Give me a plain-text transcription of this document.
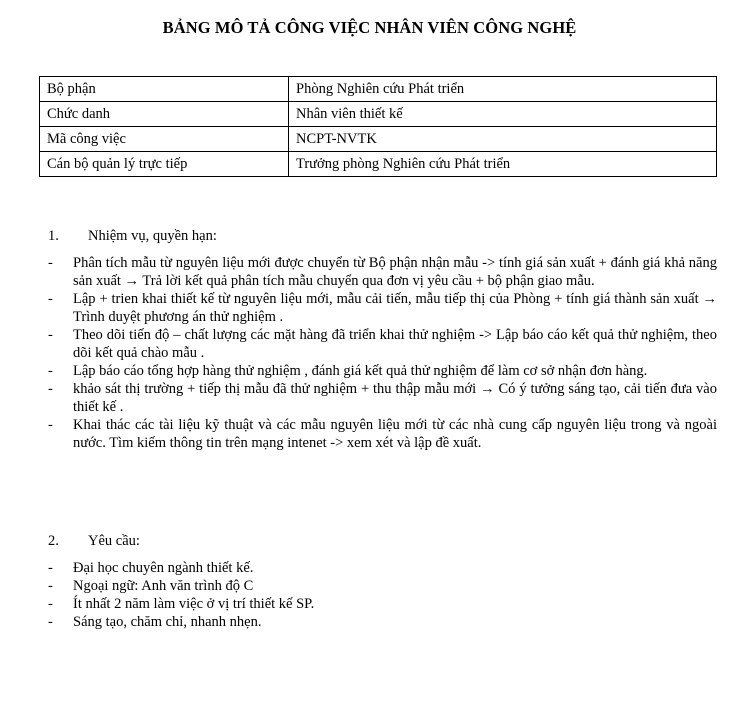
BẢNG MÔ TẢ CÔNG VIỆC NHÂN VIÊN CÔNG NGHỆ
Bộ phận	Phòng Nghiên cứu Phát triển
Chức danh	Nhân viên thiết kế
Mã công việc	NCPT-NVTK
Cán bộ quản lý trực tiếp	Trưởng phòng Nghiên cứu Phát triển
1. Nhiệm vụ, quyền hạn:
- Phân tích mẫu từ nguyên liệu mới được chuyển từ Bộ phận nhận mẫu -> tính giá sản xuất + đánh giá khả năng sản xuất → Trả lời kết quả phân tích mẫu chuyển qua đơn vị yêu cầu + bộ phận giao mẫu.
- Lập + trien khai thiết kế từ nguyên liệu mới, mẫu cải tiến, mẫu tiếp thị của Phòng + tính giá thành sản xuất → Trình duyệt phương án thử nghiệm .
- Theo dõi tiến độ – chất lượng các mặt hàng đã triển khai thử nghiệm -> Lập báo cáo kết quả thử nghiệm, theo dõi kết quả chào mẫu .
- Lập báo cáo tổng hợp hàng thử nghiệm , đánh giá kết quả thử nghiệm để làm cơ sở nhận đơn hàng.
- khảo sát thị trường + tiếp thị mẫu đã thử nghiệm + thu thập mẫu mới → Có ý tưởng sáng tạo, cải tiến đưa vào thiết kế .
- Khai thác các tài liệu kỹ thuật và các mẫu nguyên liệu mới từ các nhà cung cấp nguyên liệu trong và ngoài nước. Tìm kiếm thông tin trên mạng intenet -> xem xét và lập đề xuất.
2. Yêu cầu:
- Đại học chuyên ngành thiết kế.
- Ngoại ngữ: Anh văn trình độ C
- Ít nhất 2 năm làm việc ở vị trí thiết kế SP.
- Sáng tạo, chăm chỉ, nhanh nhẹn.
